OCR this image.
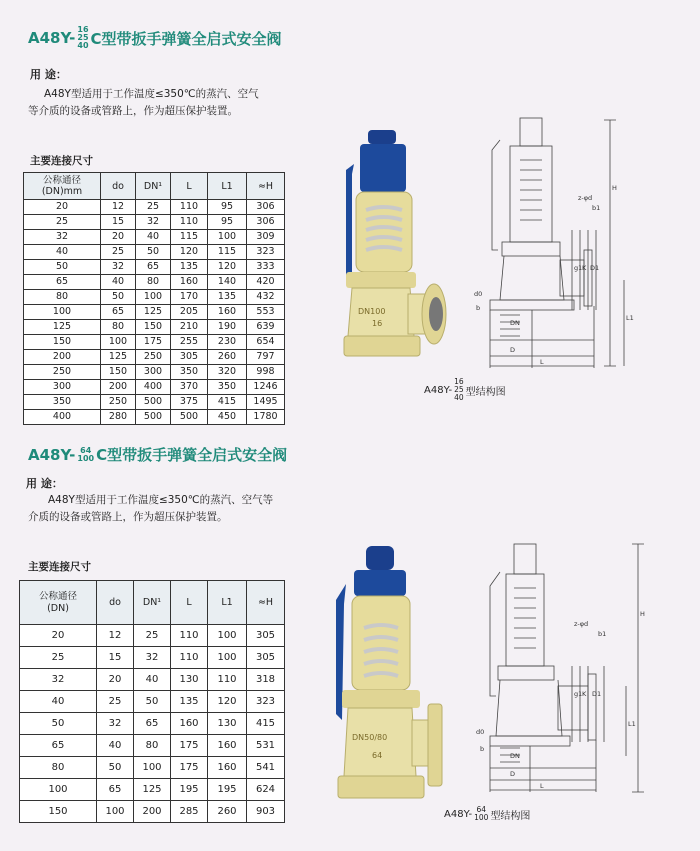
A48Y- 16
25
40 C型带扳手弹簧全启式安全阀
用 途：
A48Y型适用于工作温度≤350℃的蒸汽、空气
等介质的设备或管路上，作为超压保护装置。
主要连接尺寸
公称通径
(DN)mm	do	DN¹	L	L1	≈H
20	12	25	110	95	306
25	15	32	110	95	306
32	20	40	115	100	309
40	25	50	120	115	323
50	32	65	135	120	333
65	40	80	160	140	420
80	50	100	170	135	432
100	65	125	205	160	553
125	80	150	210	190	639
150	100	175	255	230	654
200	125	250	305	260	797
250	150	300	350	320	998
300	200	400	370	350	1246
350	250	500	375	415	1495
400	280	500	500	450	1780
DN100
16
H
L
L1
DN
D1
K
D
g1
b1
b
z-φd
d0
A48Y-
16
25
40 型结构图
A48Y- 64
100 C型带扳手弹簧全启式安全阀
用 途：
A48Y型适用于工作温度≤350℃的蒸汽、空气等
介质的设备或管路上，作为超压保护装置。
主要连接尺寸
公称通径
(DN)	do	DN¹	L	L1	≈H
20	12	25	110	100	305
25	15	32	110	100	305
32	20	40	130	110	318
40	25	50	135	120	323
50	32	65	160	130	415
65	40	80	175	160	531
80	50	100	175	160	541
100	65	125	195	195	624
150	100	200	285	260	903
DN50/80
64
H
L
L1
DN
D1
K
D
g1
b1
b
z-φd
d0
A48Y- 64
100 型结构图
